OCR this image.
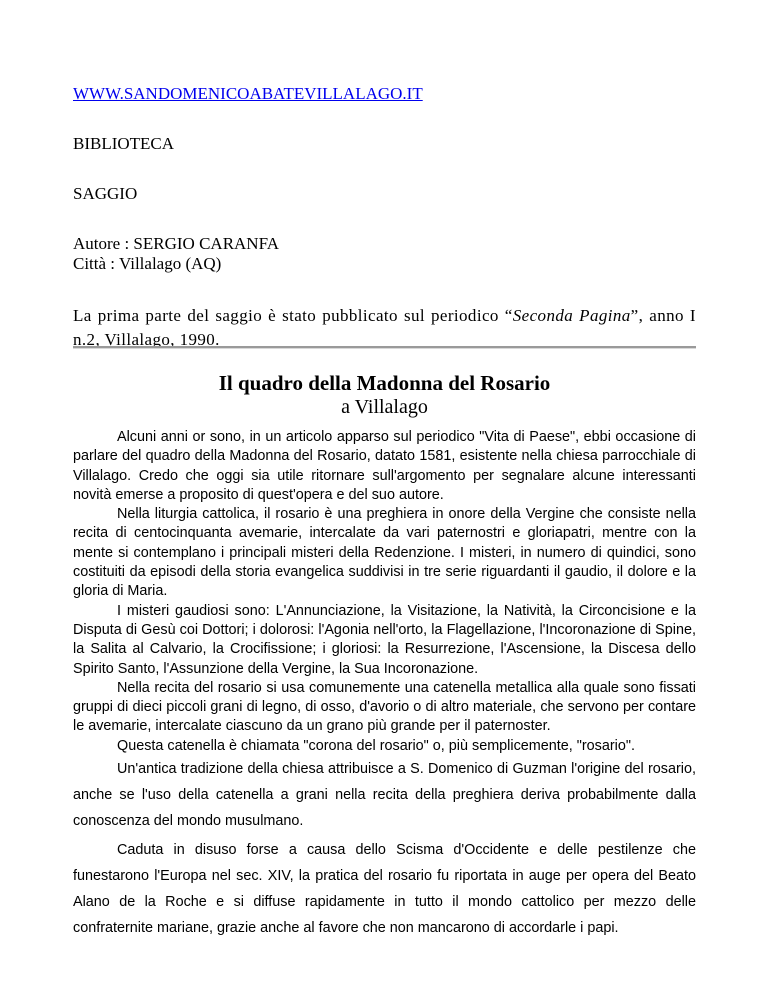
WWW.SANDOMENICOABATEVILLALAGO.IT
BIBLIOTECA
SAGGIO
Autore : SERGIO CARANFA
Città : Villalago (AQ)
La prima parte del saggio è stato pubblicato sul periodico “Seconda Pagina”, anno I n.2, Villalago, 1990.
Il quadro della Madonna del Rosario
a Villalago

Alcuni anni or sono, in un articolo apparso sul periodico "Vita di Paese", ebbi occasione di parlare del quadro della Madonna del Rosario, datato 1581, esistente nella chiesa parrocchiale di Villalago. Credo che oggi sia utile ritornare sull'argomento per segnalare alcune interessanti novità emerse a proposito di quest'opera e del suo autore.

Nella liturgia cattolica, il rosario è una preghiera in onore della Vergine che consiste nella recita di centocinquanta avemarie, intercalate da vari paternostri e gloriapatri, mentre con la mente si contemplano i principali misteri della Redenzione. I misteri, in numero di quindici, sono costituiti da episodi della storia evangelica suddivisi in tre serie riguardanti il gaudio, il dolore e la gloria di Maria.

I misteri gaudiosi sono: L'Annunciazione, la Visitazione, la Natività, la Circoncisione e la Disputa di Gesù coi Dottori; i dolorosi: l'Agonia nell'orto, la Flagellazione, l'Incoronazione di Spine, la Salita al Calvario, la Crocifissione; i gloriosi: la Resurrezione, l'Ascensione, la Discesa dello Spirito Santo, l'Assunzione della Vergine, la Sua Incoronazione.

Nella recita del rosario si usa comunemente una catenella metallica alla quale sono fissati gruppi di dieci piccoli grani di legno, di osso, d'avorio o di altro materiale, che servono per contare le avemarie, intercalate ciascuno da un grano più grande per il paternoster.

Questa catenella è chiamata "corona del rosario" o, più semplicemente, "rosario".

Un'antica tradizione della chiesa attribuisce a S. Domenico di Guzman l'origine del rosario, anche se l'uso della catenella a grani nella recita della preghiera deriva probabilmente dalla conoscenza del mondo musulmano.

Caduta in disuso forse a causa dello Scisma d'Occidente e delle pestilenze che funestarono l'Europa nel sec. XIV, la pratica del rosario fu riportata in auge per opera del Beato Alano de la Roche e si diffuse rapidamente in tutto il mondo cattolico per mezzo delle confraternite mariane, grazie anche al favore che non mancarono di accordarle i papi.
